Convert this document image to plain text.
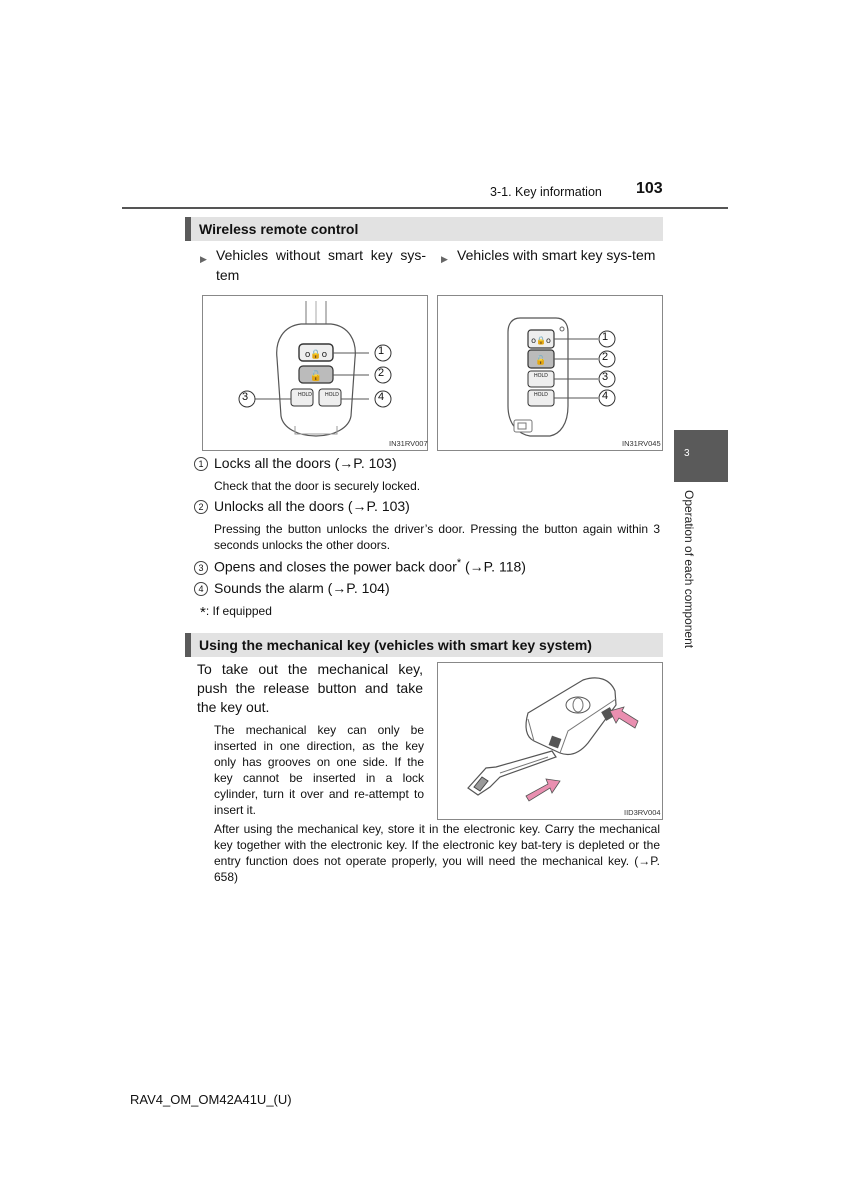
3-1. Key information 103
3
Operation of each component
Wireless remote control
▶ Vehicles without smart key sys-tem
▶ Vehicles with smart key sys-tem
o🔒o
🔓
HOLD	HOLD
1
2
3	4
IN31RV007
o🔒o
🔓
HOLD
HOLD
1
2
3
4
IN31RV045
1 Locks all the doors (→P. 103)
Check that the door is securely locked.
2 Unlocks all the doors (→P. 103)
Pressing the button unlocks the driver’s door. Pressing the button again within 3 seconds unlocks the other doors.
3 Opens and closes the power back door* (→P. 118)
4 Sounds the alarm (→P. 104)
*: If equipped
Using the mechanical key (vehicles with smart key system)
To take out the mechanical key, push the release button and take the key out.
The mechanical key can only be inserted in one direction, as the key only has grooves on one side. If the key cannot be inserted in a lock cylinder, turn it over and re-attempt to insert it.	IID3RV004
After using the mechanical key, store it in the electronic key. Carry the mechanical key together with the electronic key. If the electronic key bat-tery is depleted or the entry function does not operate properly, you will need the mechanical key. (→P. 658)
RAV4_OM_OM42A41U_(U)
